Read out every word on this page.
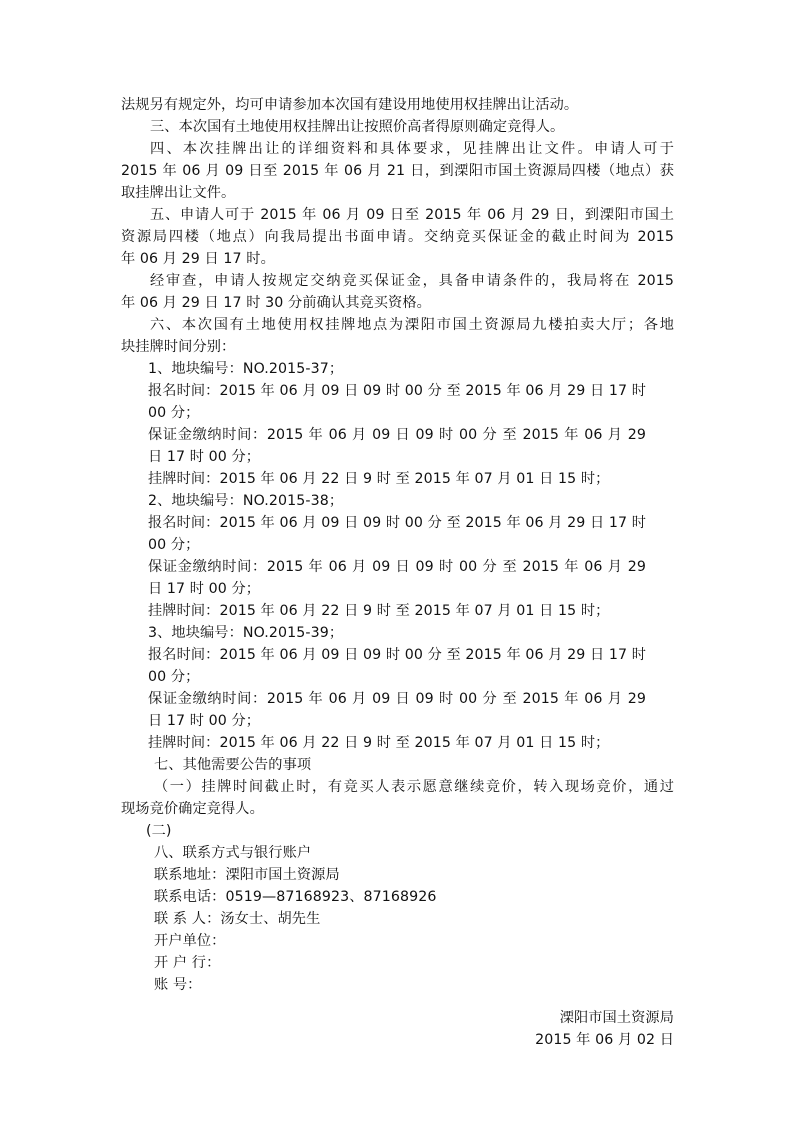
法规另有规定外，均可申请参加本次国有建设用地使用权挂牌出让活动。

三、本次国有土地使用权挂牌出让按照价高者得原则确定竞得人。

四、本次挂牌出让的详细资料和具体要求，见挂牌出让文件。申请人可于

2015 年 06 月 09 日至 2015 年 06 月 21 日，到溧阳市国土资源局四楼（地点）获

取挂牌出让文件。

五、申请人可于 2015 年 06 月 09 日至 2015 年 06 月 29 日，到溧阳市国土

资源局四楼（地点）向我局提出书面申请。交纳竞买保证金的截止时间为 2015

年 06 月 29 日 17 时。

经审查，申请人按规定交纳竞买保证金，具备申请条件的，我局将在 2015

年 06 月 29 日 17 时 30 分前确认其竞买资格。

六、本次国有土地使用权挂牌地点为溧阳市国土资源局九楼拍卖大厅；各地

块挂牌时间分别：

1、地块编号：NO.2015-37；

报名时间：2015 年 06 月 09 日 09 时 00 分 至 2015 年 06 月 29 日 17 时

00 分；

保证金缴纳时间：2015 年 06 月 09 日 09 时 00 分 至 2015 年 06 月 29

日 17 时 00 分；

挂牌时间：2015 年 06 月 22 日 9 时 至 2015 年 07 月 01 日 15 时；

2、地块编号：NO.2015-38；

报名时间：2015 年 06 月 09 日 09 时 00 分 至 2015 年 06 月 29 日 17 时

00 分；

保证金缴纳时间：2015 年 06 月 09 日 09 时 00 分 至 2015 年 06 月 29

日 17 时 00 分；

挂牌时间：2015 年 06 月 22 日 9 时 至 2015 年 07 月 01 日 15 时；

3、地块编号：NO.2015-39；

报名时间：2015 年 06 月 09 日 09 时 00 分 至 2015 年 06 月 29 日 17 时

00 分；

保证金缴纳时间：2015 年 06 月 09 日 09 时 00 分 至 2015 年 06 月 29

日 17 时 00 分；

挂牌时间：2015 年 06 月 22 日 9 时 至 2015 年 07 月 01 日 15 时；

七、其他需要公告的事项

（一）挂牌时间截止时，有竞买人表示愿意继续竞价，转入现场竞价，通过

现场竞价确定竞得人。

(二)

八、联系方式与银行账户

联系地址：溧阳市国土资源局

联系电话：0519—87168923、87168926

联 系 人：汤女士、胡先生

开户单位：

开 户 行：

账 号：

溧阳市国土资源局

2015 年 06 月 02 日
